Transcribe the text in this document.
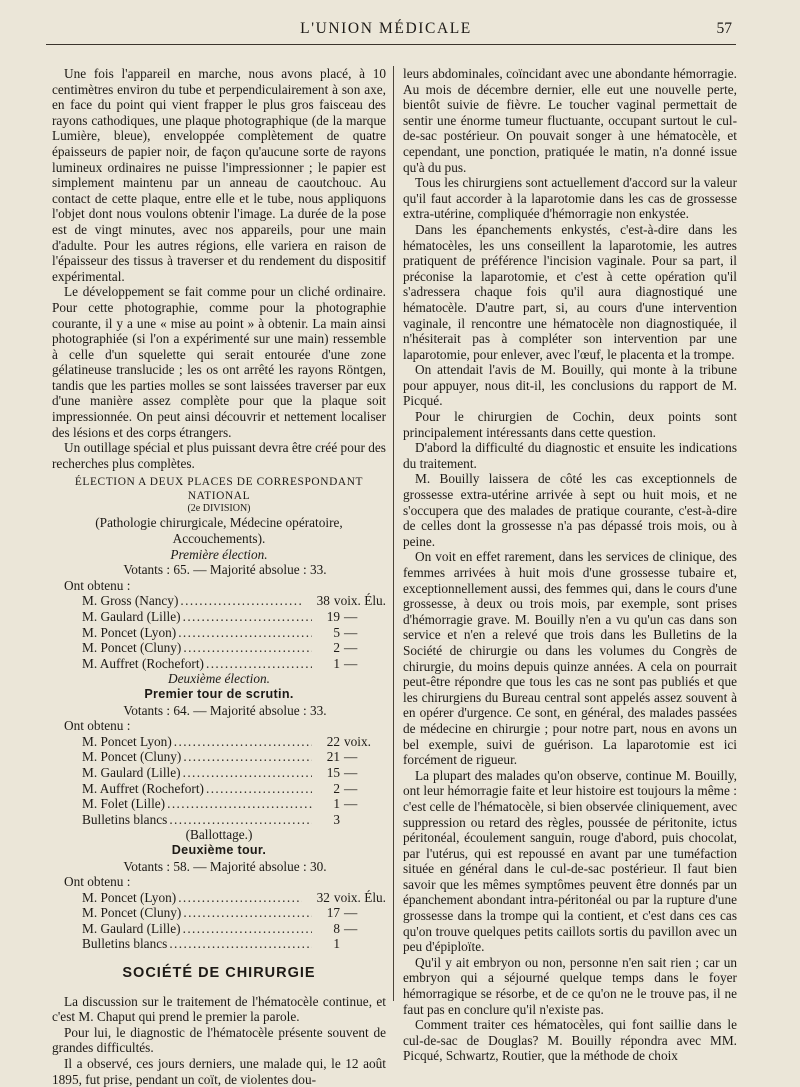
L'UNION MÉDICALE	57

Une fois l'appareil en marche, nous avons placé, à 10 centimètres environ du tube et perpendiculairement à son axe, en face du point qui vient frapper le plus gros faisceau des rayons cathodiques, une plaque photographique (de la marque Lumière, bleue), enveloppée complètement de quatre épaisseurs de papier noir, de façon qu'aucune sorte de rayons lumineux ordinaires ne puisse l'impressionner ; le papier est simplement maintenu par un anneau de caoutchouc. Au contact de cette plaque, entre elle et le tube, nous appliquons l'objet dont nous voulons obtenir l'image. La durée de la pose est de vingt minutes, avec nos appareils, pour une main d'adulte. Pour les autres régions, elle variera en raison de l'épaisseur des tissus à traverser et du rendement du dispositif expérimental.

Le développement se fait comme pour un cliché ordinaire. Pour cette photographie, comme pour la photographie courante, il y a une « mise au point » à obtenir. La main ainsi photographiée (si l'on a expérimenté sur une main) ressemble à celle d'un squelette qui serait entourée d'une zone gélatineuse translucide ; les os ont arrêté les rayons Röntgen, tandis que les parties molles se sont laissées traverser par eux d'une manière assez complète pour que la plaque soit impressionnée. On peut ainsi découvrir et nettement localiser des lésions et des corps étrangers.

Un outillage spécial et plus puissant devra être créé pour des recherches plus complètes.

ÉLECTION A DEUX PLACES DE CORRESPONDANT NATIONAL

(2e DIVISION)

(Pathologie chirurgicale, Médecine opératoire, Accouchements).

Première élection.

Votants : 65. — Majorité absolue : 33.

Ont obtenu :

M. Gross (Nancy) .....	38 voix. Élu.
M. Gaulard (Lille) .....	19 —
M. Poncet (Lyon) .....	5 —
M. Poncet (Cluny) .....	2 —
M. Auffret (Rochefort) .....	1 —

Deuxième élection.

Premier tour de scrutin.

Votants : 64. — Majorité absolue : 33.

Ont obtenu :

M. Poncet Lyon) .....	22 voix.
M. Poncet (Cluny) .....	21 —
M. Gaulard (Lille) .....	15 —
M. Auffret (Rochefort) .....	2 —
M. Folet (Lille) .....	1 —
Bulletins blancs .....	3

(Ballottage.)

Deuxième tour.

Votants : 58. — Majorité absolue : 30.

Ont obtenu :

M. Poncet (Lyon) .....	32 voix. Élu.
M. Poncet (Cluny) .....	17 —
M. Gaulard (Lille) .....	8 —
Bulletins blancs .....	1

SOCIÉTÉ DE CHIRURGIE

La discussion sur le traitement de l'hématocèle continue, et c'est M. Chaput qui prend le premier la parole.

Pour lui, le diagnostic de l'hématocèle présente souvent de grandes difficultés.

Il a observé, ces jours derniers, une malade qui, le 12 août 1895, fut prise, pendant un coït, de violentes dou-

leurs abdominales, coïncidant avec une abondante hémorragie. Au mois de décembre dernier, elle eut une nouvelle perte, bientôt suivie de fièvre. Le toucher vaginal permettait de sentir une énorme tumeur fluctuante, occupant surtout le cul-de-sac postérieur. On pouvait songer à une hématocèle, et cependant, une ponction, pratiquée le matin, n'a donné issue qu'à du pus.

Tous les chirurgiens sont actuellement d'accord sur la valeur qu'il faut accorder à la laparotomie dans les cas de grossesse extra-utérine, compliquée d'hémorragie non enkystée.

Dans les épanchements enkystés, c'est-à-dire dans les hématocèles, les uns conseillent la laparotomie, les autres pratiquent de préférence l'incision vaginale. Pour sa part, il préconise la laparotomie, et c'est à cette opération qu'il s'adressera chaque fois qu'il aura diagnostiqué une hématocèle. D'autre part, si, au cours d'une intervention vaginale, il rencontre une hématocèle non diagnostiquée, il n'hésiterait pas à compléter son intervention par une laparotomie, pour enlever, avec l'œuf, le placenta et la trompe.

On attendait l'avis de M. Bouilly, qui monte à la tribune pour appuyer, nous dit-il, les conclusions du rapport de M. Picqué.

Pour le chirurgien de Cochin, deux points sont principalement intéressants dans cette question.

D'abord la difficulté du diagnostic et ensuite les indications du traitement.

M. Bouilly laissera de côté les cas exceptionnels de grossesse extra-utérine arrivée à sept ou huit mois, et ne s'occupera que des malades de pratique courante, c'est-à-dire de celles dont la grossesse n'a pas dépassé trois mois, ou à peine.

On voit en effet rarement, dans les services de clinique, des femmes arrivées à huit mois d'une grossesse tubaire et, exceptionnellement aussi, des femmes qui, dans le cours d'une grossesse, à deux ou trois mois, par exemple, sont prises d'hémorragie grave. M. Bouilly n'en a vu qu'un cas dans son service et n'en a relevé que trois dans les Bulletins de la Société de chirurgie ou dans les volumes du Congrès de chirurgie, du moins depuis quinze années. A cela on pourrait peut-être répondre que tous les cas ne sont pas publiés et que les chirurgiens du Bureau central sont appelés assez souvent à en opérer d'urgence. Ce sont, en général, des malades passées de médecine en chirurgie ; pour notre part, nous en avons un bel exemple, suivi de guérison. La laparotomie est ici forcément de rigueur.

La plupart des malades qu'on observe, continue M. Bouilly, ont leur hémorragie faite et leur histoire est toujours la même : c'est celle de l'hématocèle, si bien observée cliniquement, avec suppression ou retard des règles, poussée de péritonite, ictus péritonéal, écoulement sanguin, rouge d'abord, puis chocolat, par l'utérus, qui est repoussé en avant par une tuméfaction située en général dans le cul-de-sac postérieur. Il faut bien savoir que les mêmes symptômes peuvent être donnés par un épanchement abondant intra-péritonéal ou par la rupture d'une grossesse dans la trompe qui la contient, et c'est dans ces cas qu'on trouve quelques petits caillots sortis du pavillon avec un peu d'épiploïte.

Qu'il y ait embryon ou non, personne n'en sait rien ; car un embryon qui a séjourné quelque temps dans le foyer hémorragique se résorbe, et de ce qu'on ne le trouve pas, il ne faut pas en conclure qu'il n'existe pas.

Comment traiter ces hématocèles, qui font saillie dans le cul-de-sac de Douglas? M. Bouilly répondra avec MM. Picqué, Schwartz, Routier, que la méthode de choix
